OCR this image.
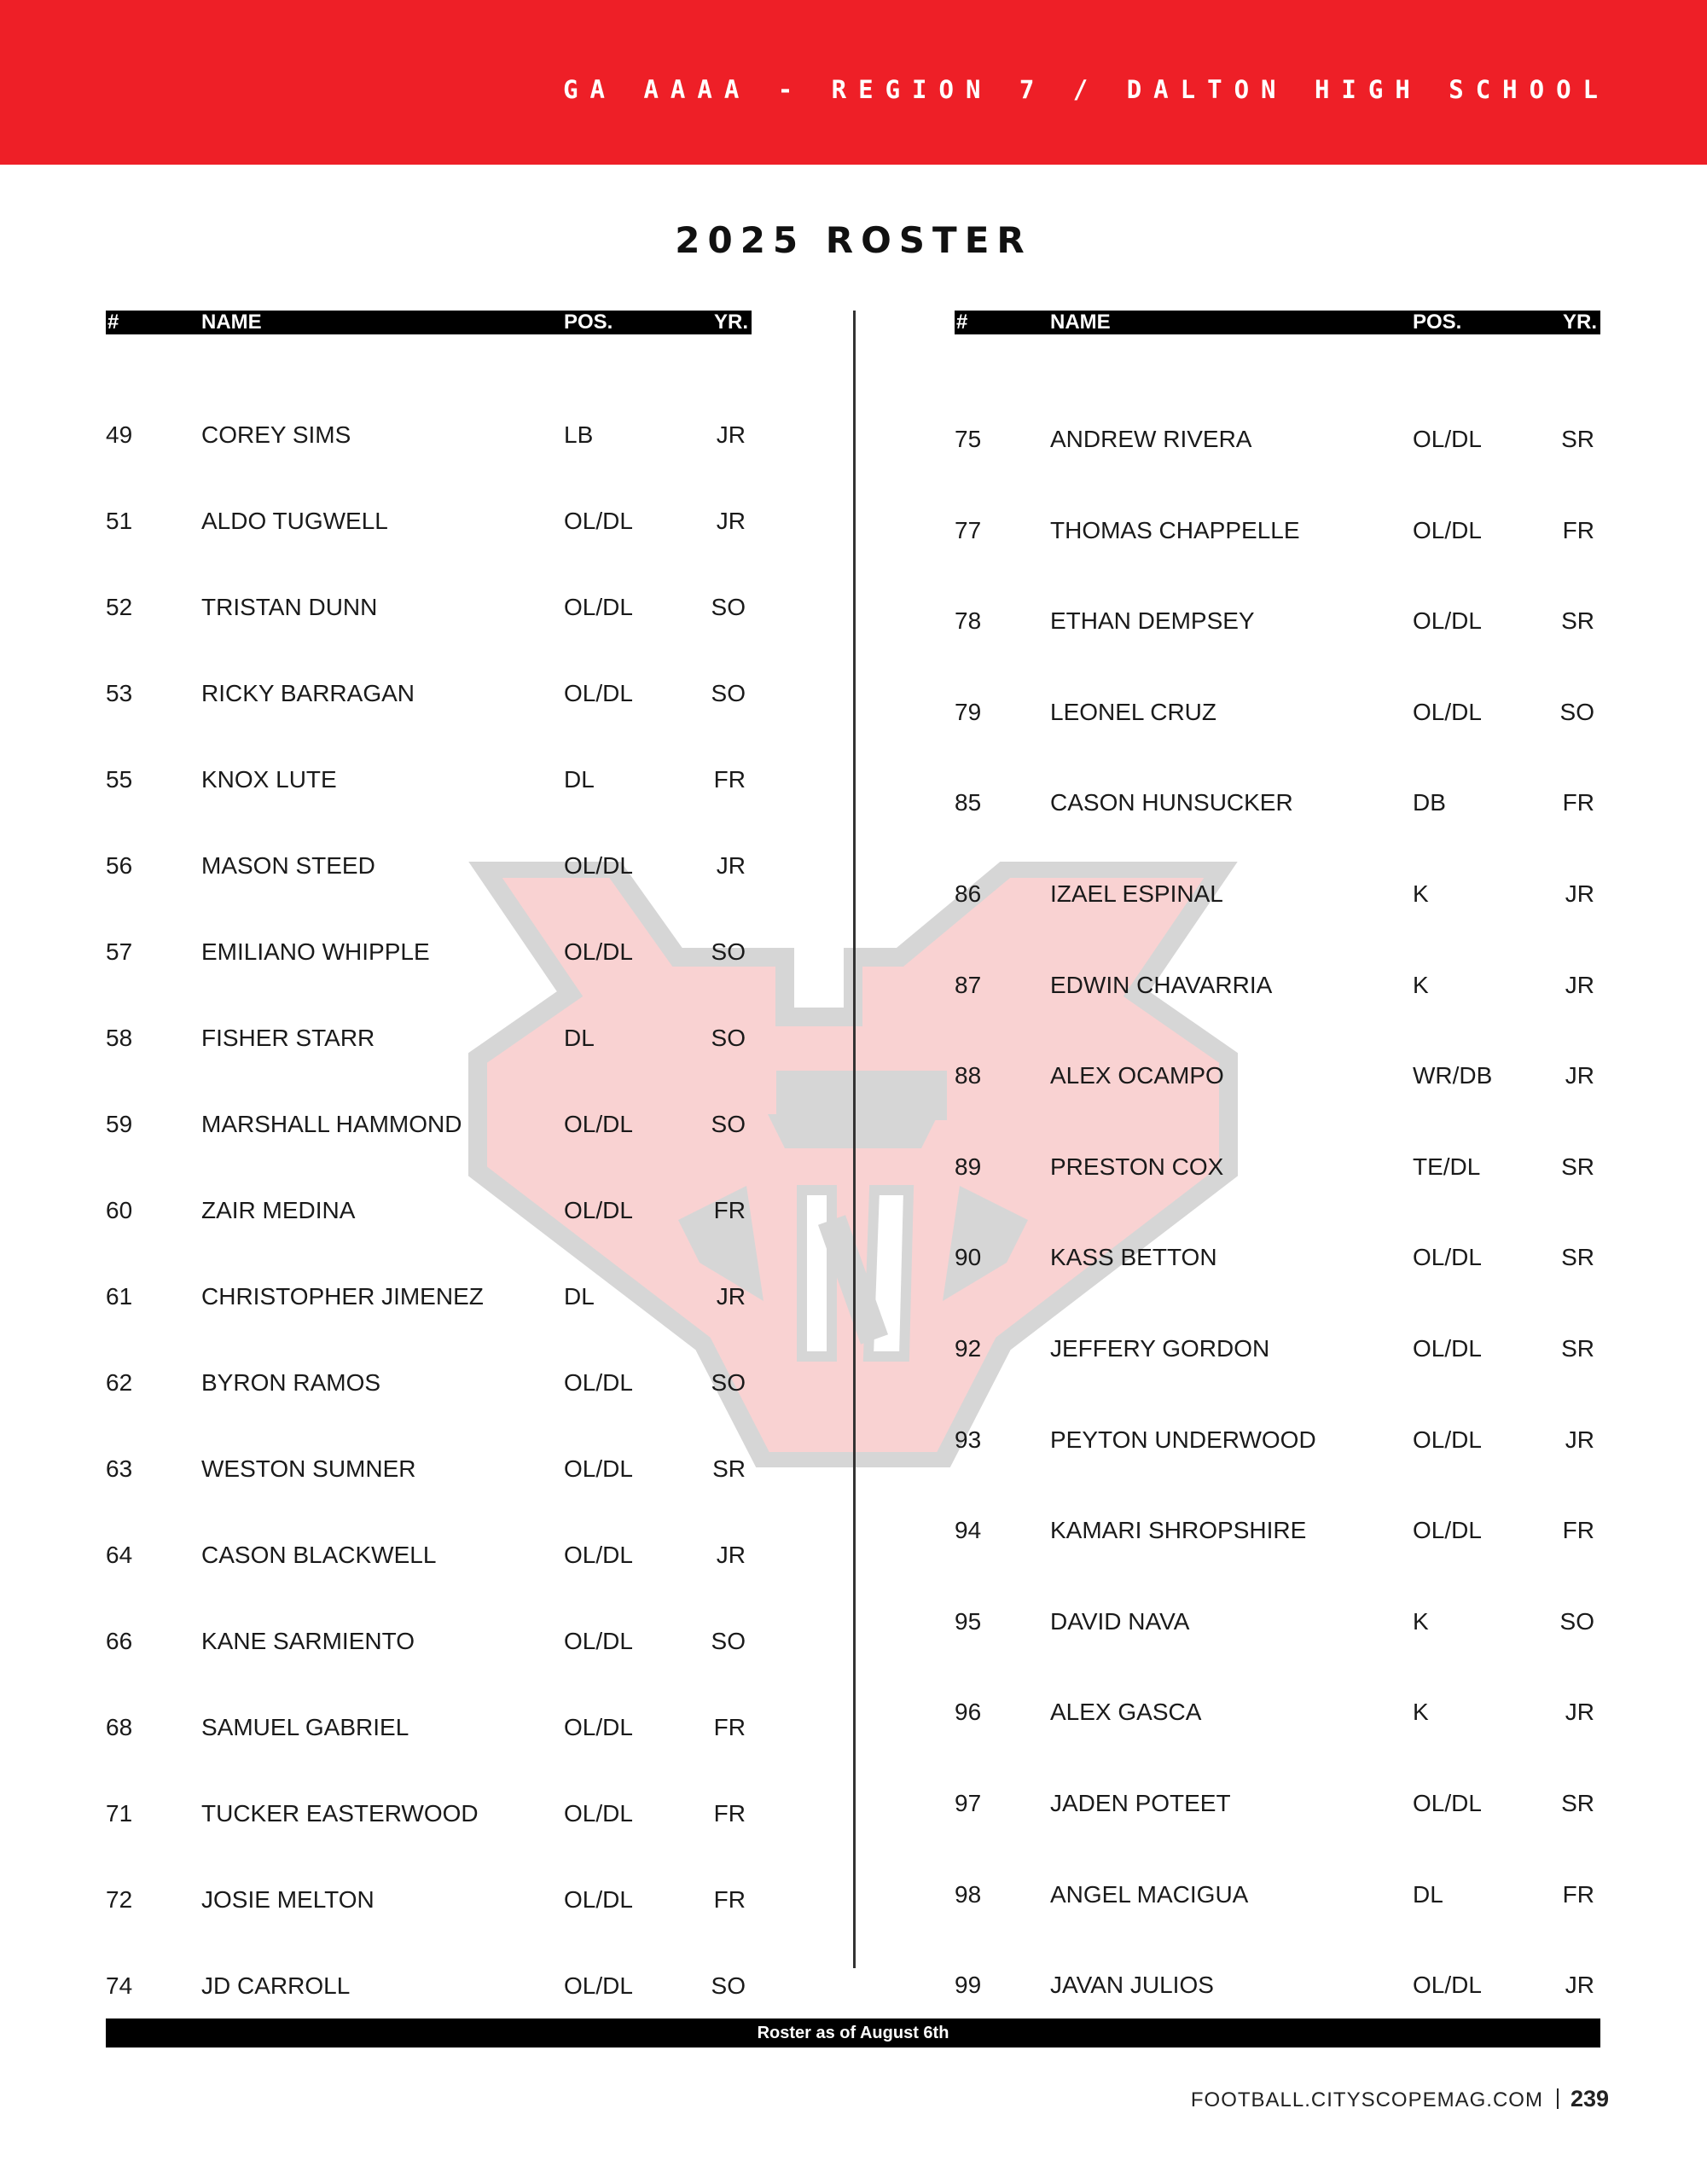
GA AAAA - REGION 7 / DALTON HIGH SCHOOL
2025 ROSTER
#	NAME	POS.	YR.
49	COREY SIMS	LB	JR
51	ALDO TUGWELL	OL/DL	JR
52	TRISTAN DUNN	OL/DL	SO
53	RICKY BARRAGAN	OL/DL	SO
55	KNOX LUTE	DL	FR
56	MASON STEED	OL/DL	JR
57	EMILIANO WHIPPLE	OL/DL	SO
58	FISHER STARR	DL	SO
59	MARSHALL HAMMOND	OL/DL	SO
60	ZAIR MEDINA	OL/DL	FR
61	CHRISTOPHER JIMENEZ	DL	JR
62	BYRON RAMOS	OL/DL	SO
63	WESTON SUMNER	OL/DL	SR
64	CASON BLACKWELL	OL/DL	JR
66	KANE SARMIENTO	OL/DL	SO
68	SAMUEL GABRIEL	OL/DL	FR
71	TUCKER EASTERWOOD	OL/DL	FR
72	JOSIE MELTON	OL/DL	FR
74	JD CARROLL	OL/DL	SO
#	NAME	POS.	YR.
75	ANDREW RIVERA	OL/DL	SR
77	THOMAS CHAPPELLE	OL/DL	FR
78	ETHAN DEMPSEY	OL/DL	SR
79	LEONEL CRUZ	OL/DL	SO
85	CASON HUNSUCKER	DB	FR
86	IZAEL ESPINAL	K	JR
87	EDWIN CHAVARRIA	K	JR
88	ALEX OCAMPO	WR/DB	JR
89	PRESTON COX	TE/DL	SR
90	KASS BETTON	OL/DL	SR
92	JEFFERY GORDON	OL/DL	SR
93	PEYTON UNDERWOOD	OL/DL	JR
94	KAMARI SHROPSHIRE	OL/DL	FR
95	DAVID NAVA	K	SO
96	ALEX GASCA	K	JR
97	JADEN POTEET	OL/DL	SR
98	ANGEL MACIGUA	DL	FR
99	JAVAN JULIOS	OL/DL	JR
Roster as of August 6th
FOOTBALL.CITYSCOPEMAG.COM 239
